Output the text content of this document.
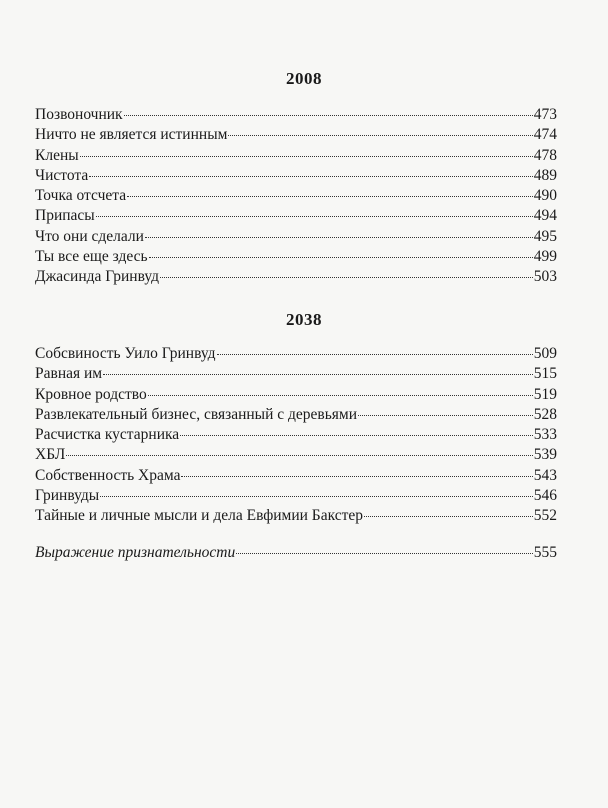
2008
Позвоночник	473
Ничто не является истинным	474
Клены	478
Чистота	489
Точка отсчета	490
Припасы	494
Что они сделали	495
Ты все еще здесь	499
Джасинда Гринвуд	503
2038
Собсвиность Уило Гринвуд	509
Равная им	515
Кровное родство	519
Развлекательный бизнес, связанный с деревьями	528
Расчистка кустарника	533
ХБЛ	539
Собственность Храма	543
Гринвуды	546
Тайные и личные мысли и дела Евфимии Бакстер	552
Выражение признательности	555
